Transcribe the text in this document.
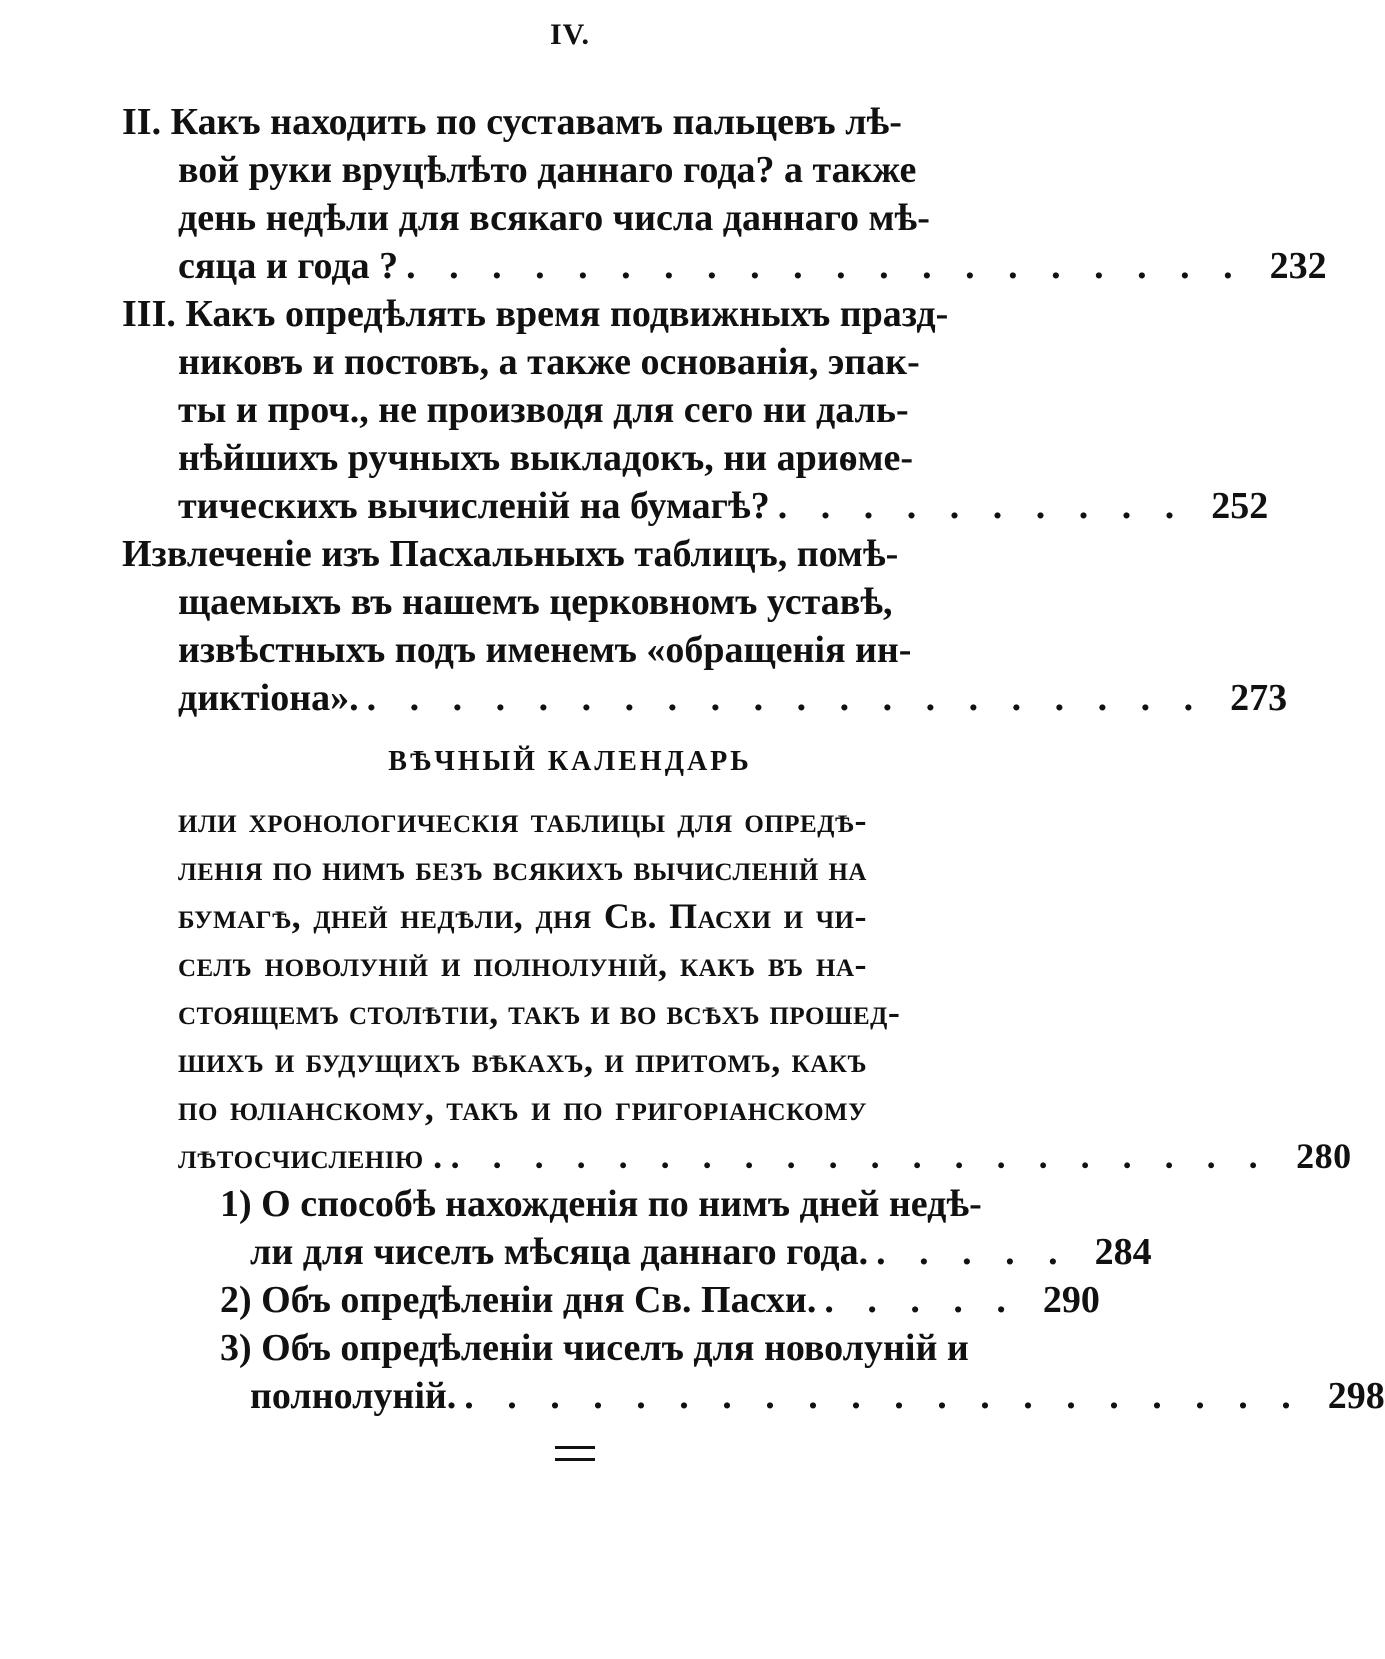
IV.
II. Какъ находить по суставамъ пальцевъ лѣ-
вой руки вруцѣлѣто даннаго года? а также
день недѣли для всякаго числа даннаго мѣ-
сяца и года ? . . . . . . . . . . . . . . . . . . . . 232
III. Какъ опредѣлять время подвижныхъ празд-
никовъ и постовъ, а также основанія, эпак-
ты и проч., не производя для сего ни даль-
нѣйшихъ ручныхъ выкладокъ, ни ариѳме-
тическихъ вычисленій на бумагѣ? . . . . . . . . . . 252
Извлеченіе изъ Пасхальныхъ таблицъ, помѣ-
щаемыхъ въ нашемъ церковномъ уставѣ,
извѣстныхъ подъ именемъ «обращенія ин-
диктіона». . . . . . . . . . . . . . . . . . . . . 273
ВѢЧНЫЙ КАЛЕНДАРЬ
или хронологическія таблицы для опредѣ-
ленія по нимъ безъ всякихъ вычисленій на
бумагѣ, дней недѣли, дня Св. Пасхи и чи-
селъ новолуній и полнолуній, какъ въ на-
стоящемъ столѣтіи, такъ и во всѣхъ прошед-
шихъ и будущихъ вѣкахъ, и притомъ, какъ
по юліанскому, такъ и по григоріанскому
лѣтосчисленію . . . . . . . . . . . . . . . . . . . . . 280
1) О способѣ нахожденія по нимъ дней недѣ-
ли для чиселъ мѣсяца даннаго года. . . . . . 284
2) Объ опредѣленіи дня Св. Пасхи. . . . . . 290
3) Объ опредѣленіи чиселъ для новолуній и
полнолуній. . . . . . . . . . . . . . . . . . . . . 298
